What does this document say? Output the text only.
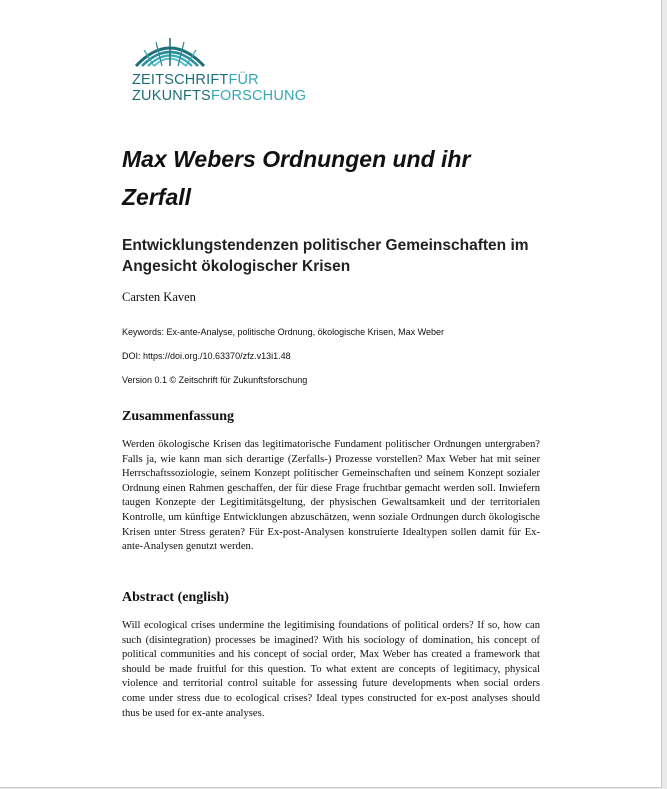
ZEITSCHRIFTFÜR
ZUKUNFTSFORSCHUNG
Max Webers Ordnungen und ihr Zerfall
Entwicklungstendenzen politischer Gemeinschaften im Angesicht ökologischer Krisen
Carsten Kaven
Keywords: Ex-ante-Analyse, politische Ordnung, ökologische Krisen, Max Weber
DOI: https://doi.org./10.63370/zfz.v13i1.48
Version 0.1 © Zeitschrift für Zukunftsforschung
Zusammenfassung

Werden ökologische Krisen das legitimatorische Fundament politischer Ordnungen untergraben? Falls ja, wie kann man sich derartige (Zerfalls-) Prozesse vorstellen? Max Weber hat mit seiner Herrschaftssoziologie, seinem Konzept politischer Gemeinschaften und seinem Konzept sozialer Ordnung einen Rahmen geschaffen, der für diese Frage fruchtbar gemacht werden soll. Inwiefern taugen Konzepte der Legitimitätsgeltung, der physischen Gewaltsamkeit und der territorialen Kontrolle, um künftige Entwicklungen abzuschätzen, wenn soziale Ordnungen durch ökologische Krisen unter Stress geraten? Für Ex-post-Analysen konstruierte Idealtypen sollen damit für Ex-ante-Analysen genutzt werden.

Abstract (english)

Will ecological crises undermine the legitimising foundations of political orders? If so, how can such (disintegration) processes be imagined? With his sociology of domination, his concept of political communities and his concept of social order, Max Weber has created a framework that should be made fruitful for this question. To what extent are concepts of legitimacy, physical violence and territorial control suitable for assessing future developments when social orders come under stress due to ecological crises? Ideal types constructed for ex-post analyses should thus be used for ex-ante analyses.
